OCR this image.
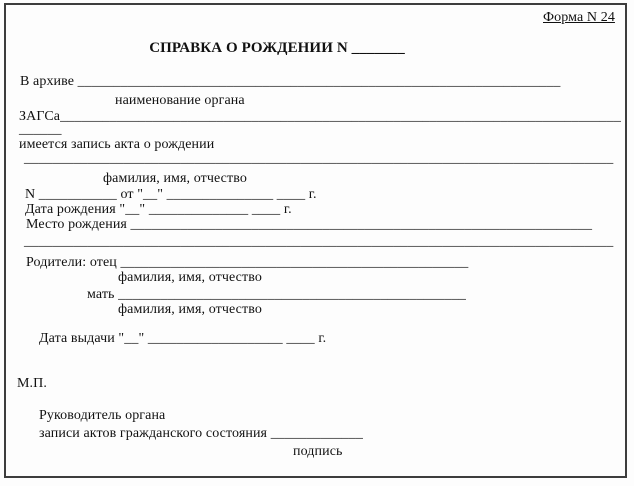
Форма N 24
СПРАВКА О РОЖДЕНИИ N _______
В архиве ____________________________________________________________________
наименование органа
ЗАГСа_______________________________________________________________________________
______
имеется запись акта о рождении
___________________________________________________________________________________
фамилия, имя, отчество
N ___________ от "__" _______________ ____ г.
Дата рождения "__" ______________ ____ г.
Место рождения _________________________________________________________________
___________________________________________________________________________________
Родители: отец _________________________________________________
фамилия, имя, отчество
мать _________________________________________________
фамилия, имя, отчество
Дата выдачи "__" ___________________ ____ г.
М.П.
Руководитель органа
записи актов гражданского состояния _____________
подпись
